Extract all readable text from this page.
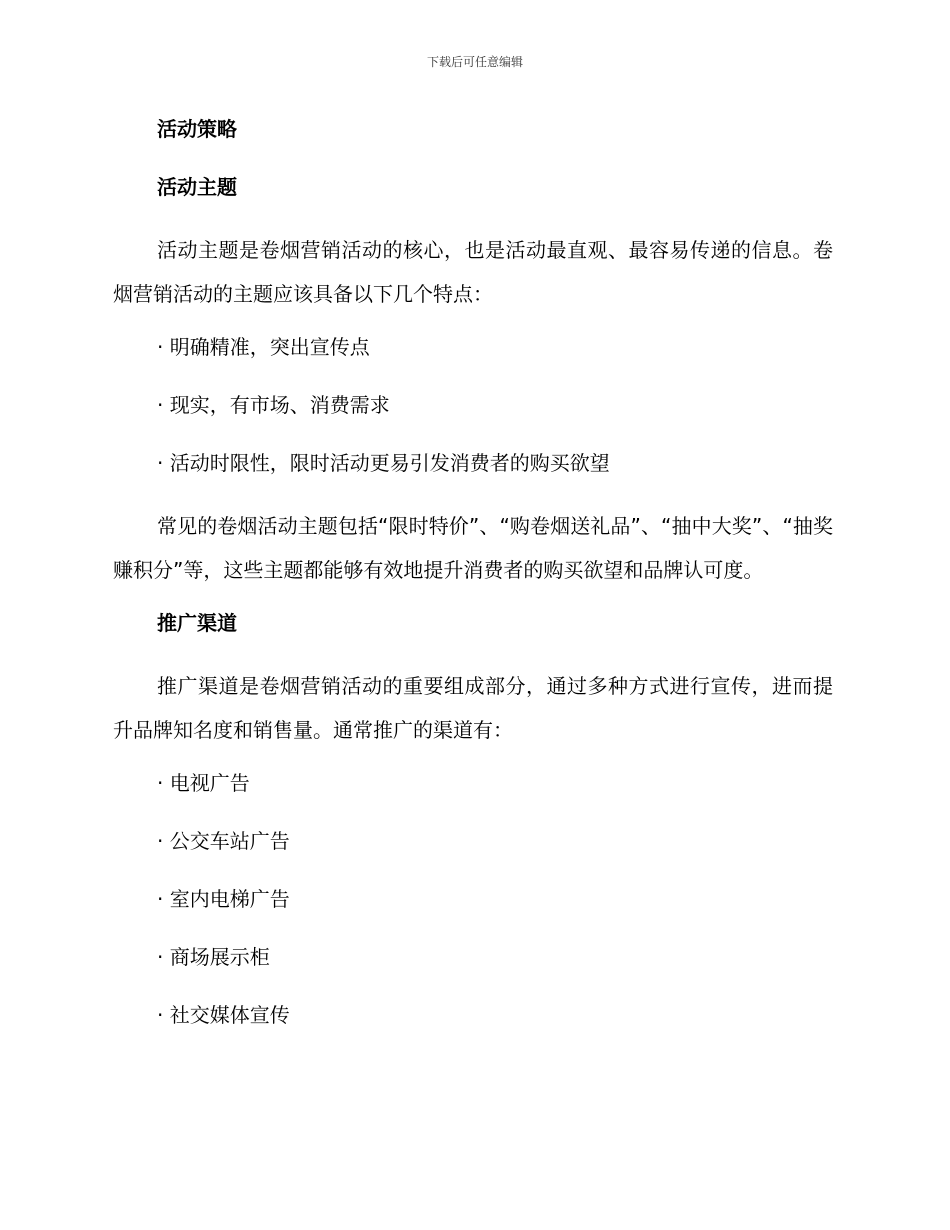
下载后可任意编辑
活动策略
活动主题

活动主题是卷烟营销活动的核心，也是活动最直观、最容易传递的信息。卷烟营销活动的主题应该具备以下几个特点：

· 明确精准，突出宣传点

· 现实，有市场、消费需求

· 活动时限性，限时活动更易引发消费者的购买欲望

常见的卷烟活动主题包括“限时特价”、“购卷烟送礼品”、“抽中大奖”、“抽奖赚积分”等，这些主题都能够有效地提升消费者的购买欲望和品牌认可度。

推广渠道

推广渠道是卷烟营销活动的重要组成部分，通过多种方式进行宣传，进而提升品牌知名度和销售量。通常推广的渠道有：

· 电视广告

· 公交车站广告

· 室内电梯广告

· 商场展示柜

· 社交媒体宣传
